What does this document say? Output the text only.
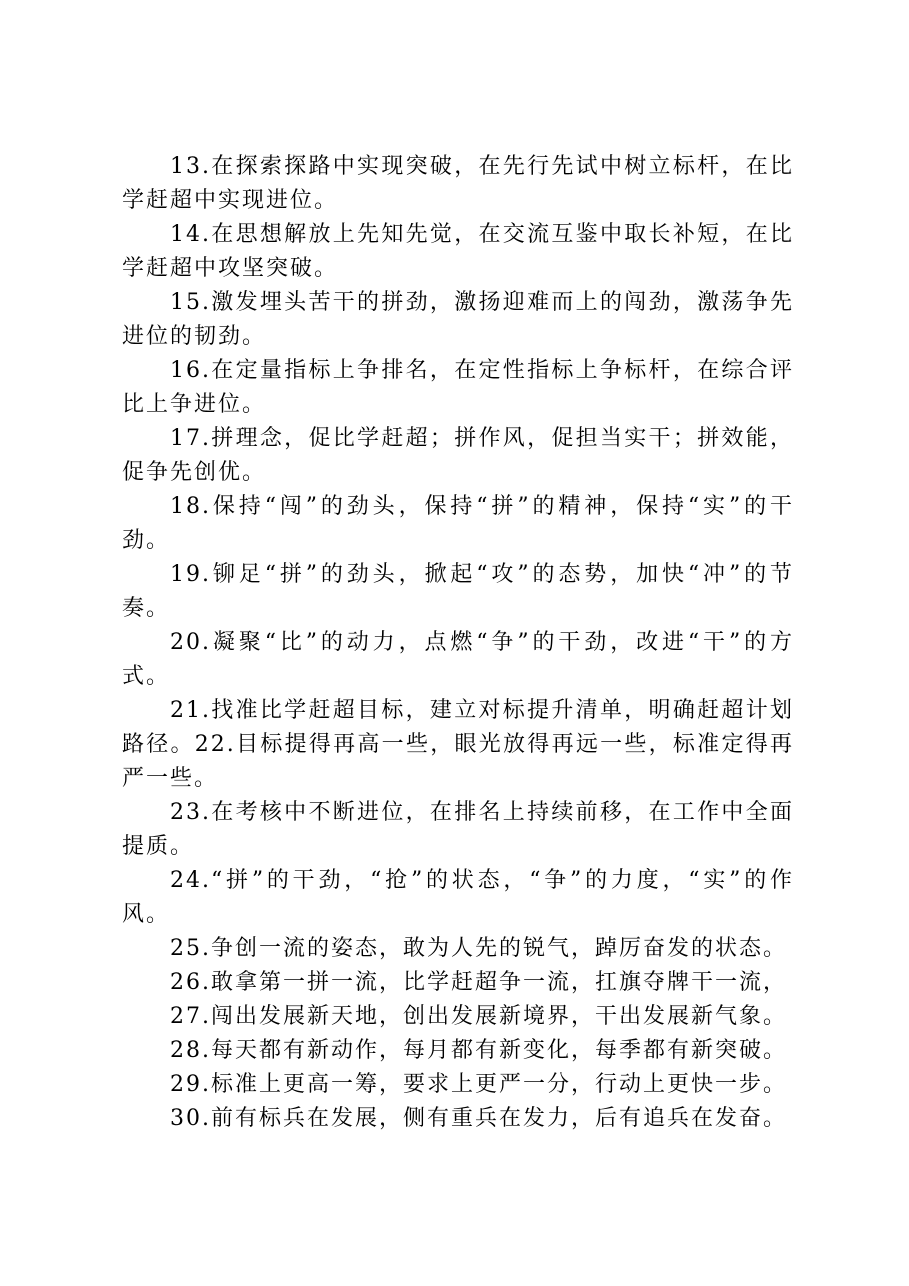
13.在探索探路中实现突破，在先行先试中树立标杆，在比学赶超中实现进位。

14.在思想解放上先知先觉，在交流互鉴中取长补短，在比学赶超中攻坚突破。

15.激发埋头苦干的拼劲，激扬迎难而上的闯劲，激荡争先进位的韧劲。

16.在定量指标上争排名，在定性指标上争标杆，在综合评比上争进位。

17.拼理念，促比学赶超；拼作风，促担当实干；拼效能，促争先创优。

18.保持“闯”的劲头，保持“拼”的精神，保持“实”的干劲。

19.铆足“拼”的劲头，掀起“攻”的态势，加快“冲”的节奏。

20.凝聚“比”的动力，点燃“争”的干劲，改进“干”的方式。

21.找准比学赶超目标，建立对标提升清单，明确赶超计划路径。22.目标提得再高一些，眼光放得再远一些，标准定得再严一些。

23.在考核中不断进位，在排名上持续前移，在工作中全面提质。

24.“拼”的干劲，“抢”的状态，“争”的力度，“实”的作风。

25.争创一流的姿态，敢为人先的锐气，踔厉奋发的状态。

26.敢拿第一拼一流，比学赶超争一流，扛旗夺牌干一流，

27.闯出发展新天地，创出发展新境界，干出发展新气象。

28.每天都有新动作，每月都有新变化，每季都有新突破。

29.标准上更高一筹，要求上更严一分，行动上更快一步。

30.前有标兵在发展，侧有重兵在发力，后有追兵在发奋。
